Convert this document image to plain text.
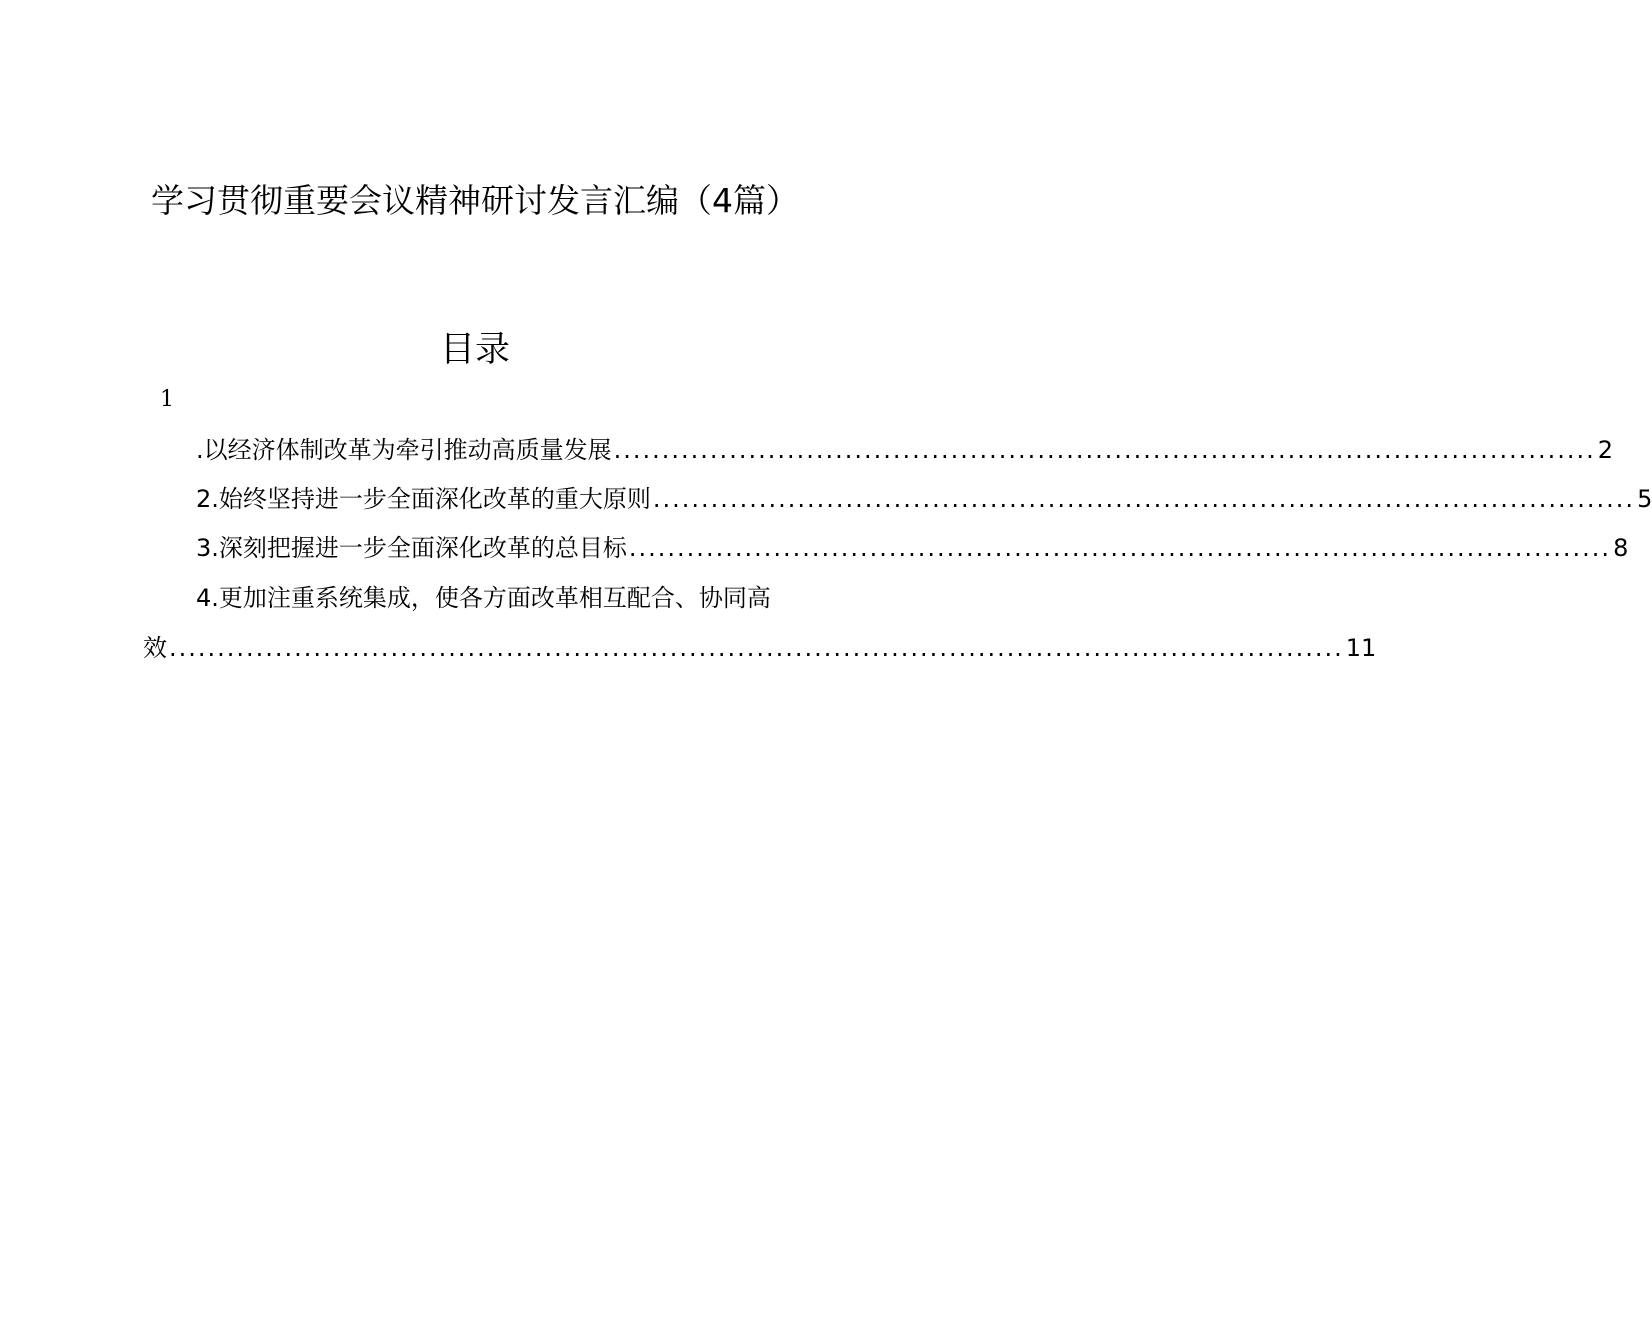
学习贯彻重要会议精神研讨发言汇编（4篇）
目录
1
.以经济体制改革为牵引推动高质量发展 ...................................................................................................... 2
2.始终坚持进一步全面深化改革的重大原则 ...................................................................................................... 5
3.深刻把握进一步全面深化改革的总目标 ...................................................................................................... 8
4.更加注重系统集成，使各方面改革相互配合、协同高
效 .......................................................................................................................... 11
